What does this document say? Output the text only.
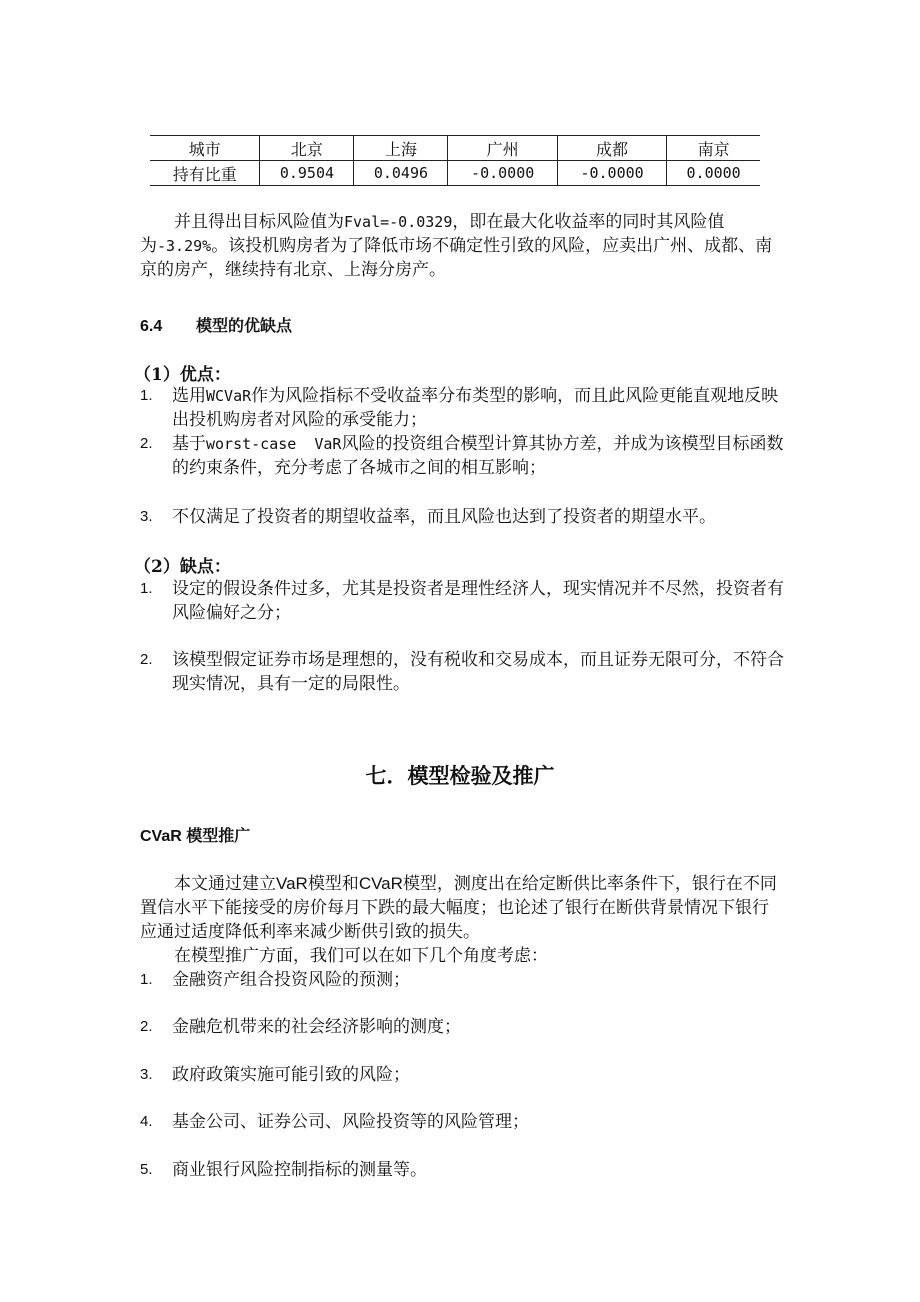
城市	北京	上海	广州	成都	南京
持有比重	0.9504	0.0496	-0.0000	-0.0000	0.0000

并且得出目标风险值为Fval=-0.0329，即在最大化收益率的同时其风险值为-3.29%。该投机购房者为了降低市场不确定性引致的风险，应卖出广州、成都、南京的房产，继续持有北京、上海分房产。

6.4 模型的优缺点

（1）优点：

1.	选用WCVaR作为风险指标不受收益率分布类型的影响，而且此风险更能直观地反映出投机购房者对风险的承受能力；
2.	基于worst-case  VaR风险的投资组合模型计算其协方差，并成为该模型目标函数的约束条件，充分考虑了各城市之间的相互影响；
3.	不仅满足了投资者的期望收益率，而且风险也达到了投资者的期望水平。

（2）缺点：

1.	设定的假设条件过多，尤其是投资者是理性经济人，现实情况并不尽然，投资者有风险偏好之分；
2.	该模型假定证券市场是理想的，没有税收和交易成本，而且证券无限可分，不符合现实情况，具有一定的局限性。
七．模型检验及推广

CVaR 模型推广

本文通过建立VaR模型和CVaR模型，测度出在给定断供比率条件下，银行在不同置信水平下能接受的房价每月下跌的最大幅度；也论述了银行在断供背景情况下银行应通过适度降低利率来减少断供引致的损失。

在模型推广方面，我们可以在如下几个角度考虑：

1.	金融资产组合投资风险的预测；
2.	金融危机带来的社会经济影响的测度；
3.	政府政策实施可能引致的风险；
4.	基金公司、证券公司、风险投资等的风险管理；
5.	商业银行风险控制指标的测量等。
